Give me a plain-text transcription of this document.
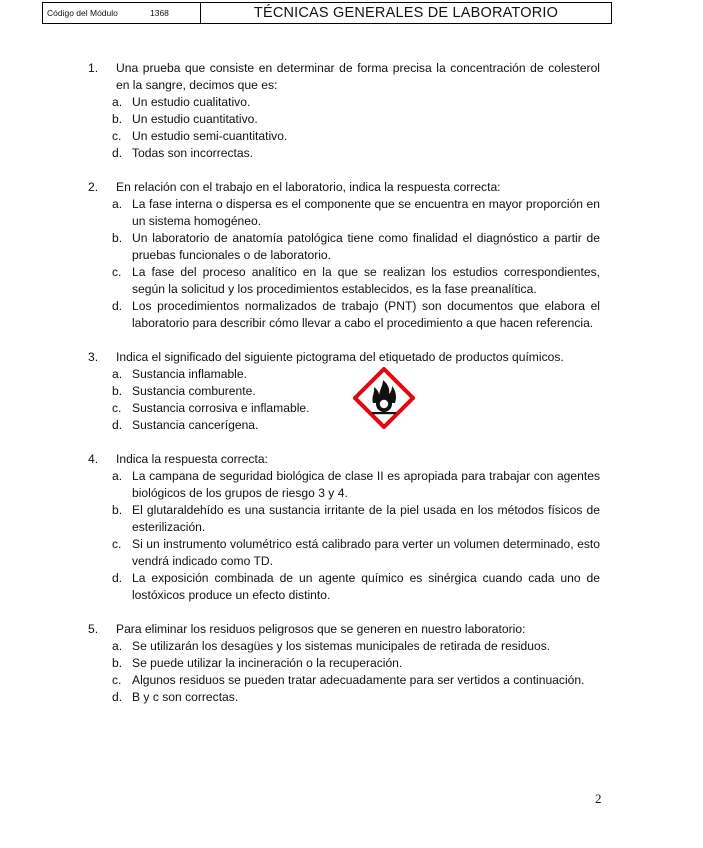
Código del Módulo	1368	TÉCNICAS GENERALES DE LABORATORIO
1.	Una prueba que consiste en determinar de forma precisa la concentración de colesterol en la sangre, decimos que es:
a. Un estudio cualitativo.
b. Un estudio cuantitativo.
c. Un estudio semi-cuantitativo.
d. Todas son incorrectas.
2.	En relación con el trabajo en el laboratorio, indica la respuesta correcta:
a. La fase interna o dispersa es el componente que se encuentra en mayor proporción en un sistema homogéneo.
b. Un laboratorio de anatomía patológica tiene como finalidad el diagnóstico a partir de pruebas funcionales o de laboratorio.
c. La fase del proceso analítico en la que se realizan los estudios correspondientes, según la solicitud y los procedimientos establecidos, es la fase preanalítica.
d. Los procedimientos normalizados de trabajo (PNT) son documentos que elabora el laboratorio para describir cómo llevar a cabo el procedimiento a que hacen referencia.
3.	Indica el significado del siguiente pictograma del etiquetado de productos químicos.
a. Sustancia inflamable.
b. Sustancia comburente.
c. Sustancia corrosiva e inflamable.
d. Sustancia cancerígena.
4.	Indica la respuesta correcta:
a. La campana de seguridad biológica de clase II es apropiada para trabajar con agentes biológicos de los grupos de riesgo 3 y 4.
b. El glutaraldehído es una sustancia irritante de la piel usada en los métodos físicos de esterilización.
c. Si un instrumento volumétrico está calibrado para verter un volumen determinado, esto vendrá indicado como TD.
d. La exposición combinada de un agente químico es sinérgica cuando cada uno de lostóxicos produce un efecto distinto.
5.	Para eliminar los residuos peligrosos que se generen en nuestro laboratorio:
a. Se utilizarán los desagües y los sistemas municipales de retirada de residuos.
b. Se puede utilizar la incineración o la recuperación.
c. Algunos residuos se pueden tratar adecuadamente para ser vertidos a continuación.
d. B y c son correctas.
2
